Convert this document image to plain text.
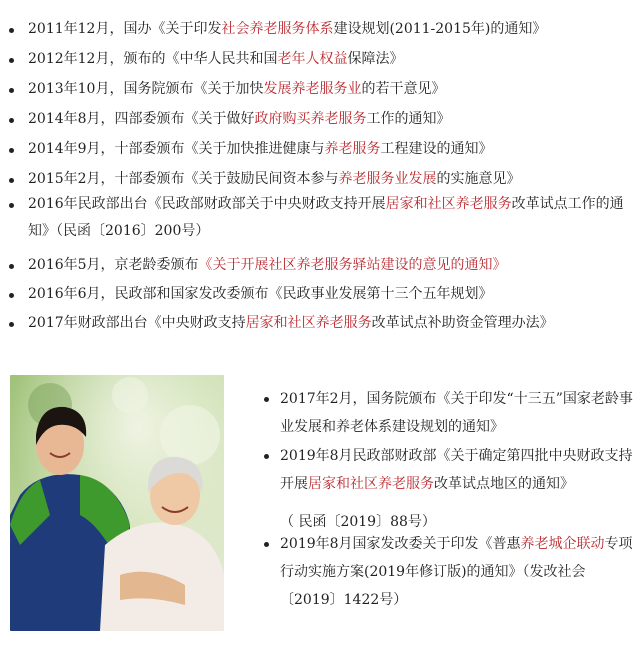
2011年12月，国办《关于印发社会养老服务体系建设规划(2011-2015年)的通知》
2012年12月，颁布的《中华人民共和国老年人权益保障法》
2013年10月，国务院颁布《关于加快发展养老服务业的若干意见》
2014年8月，四部委颁布《关于做好政府购买养老服务工作的通知》
2014年9月，十部委颁布《关于加快推进健康与养老服务工程建设的通知》
2015年2月，十部委颁布《关于鼓励民间资本参与养老服务业发展的实施意见》
2016年民政部出台《民政部财政部关于中央财政支持开展居家和社区养老服务改革试点工作的通知》（民函〔2016〕200号）
2016年5月，京老龄委颁布《关于开展社区养老服务驿站建设的意见的通知》
2016年6月，民政部和国家发改委颁布《民政事业发展第十三个五年规划》
2017年财政部出台《中央财政支持居家和社区养老服务改革试点补助资金管理办法》
2017年2月，国务院颁布《关于印发“十三五”国家老龄事业发展和养老体系建设规划的通知》
2019年8月民政部财政部《关于确定第四批中央财政支持开展居家和社区养老服务改革试点地区的通知》
（ 民函〔2019〕88号）
2019年8月国家发改委关于印发《普惠养老城企联动专项行动实施方案(2019年修订版)的通知》（发改社会〔2019〕1422号）
